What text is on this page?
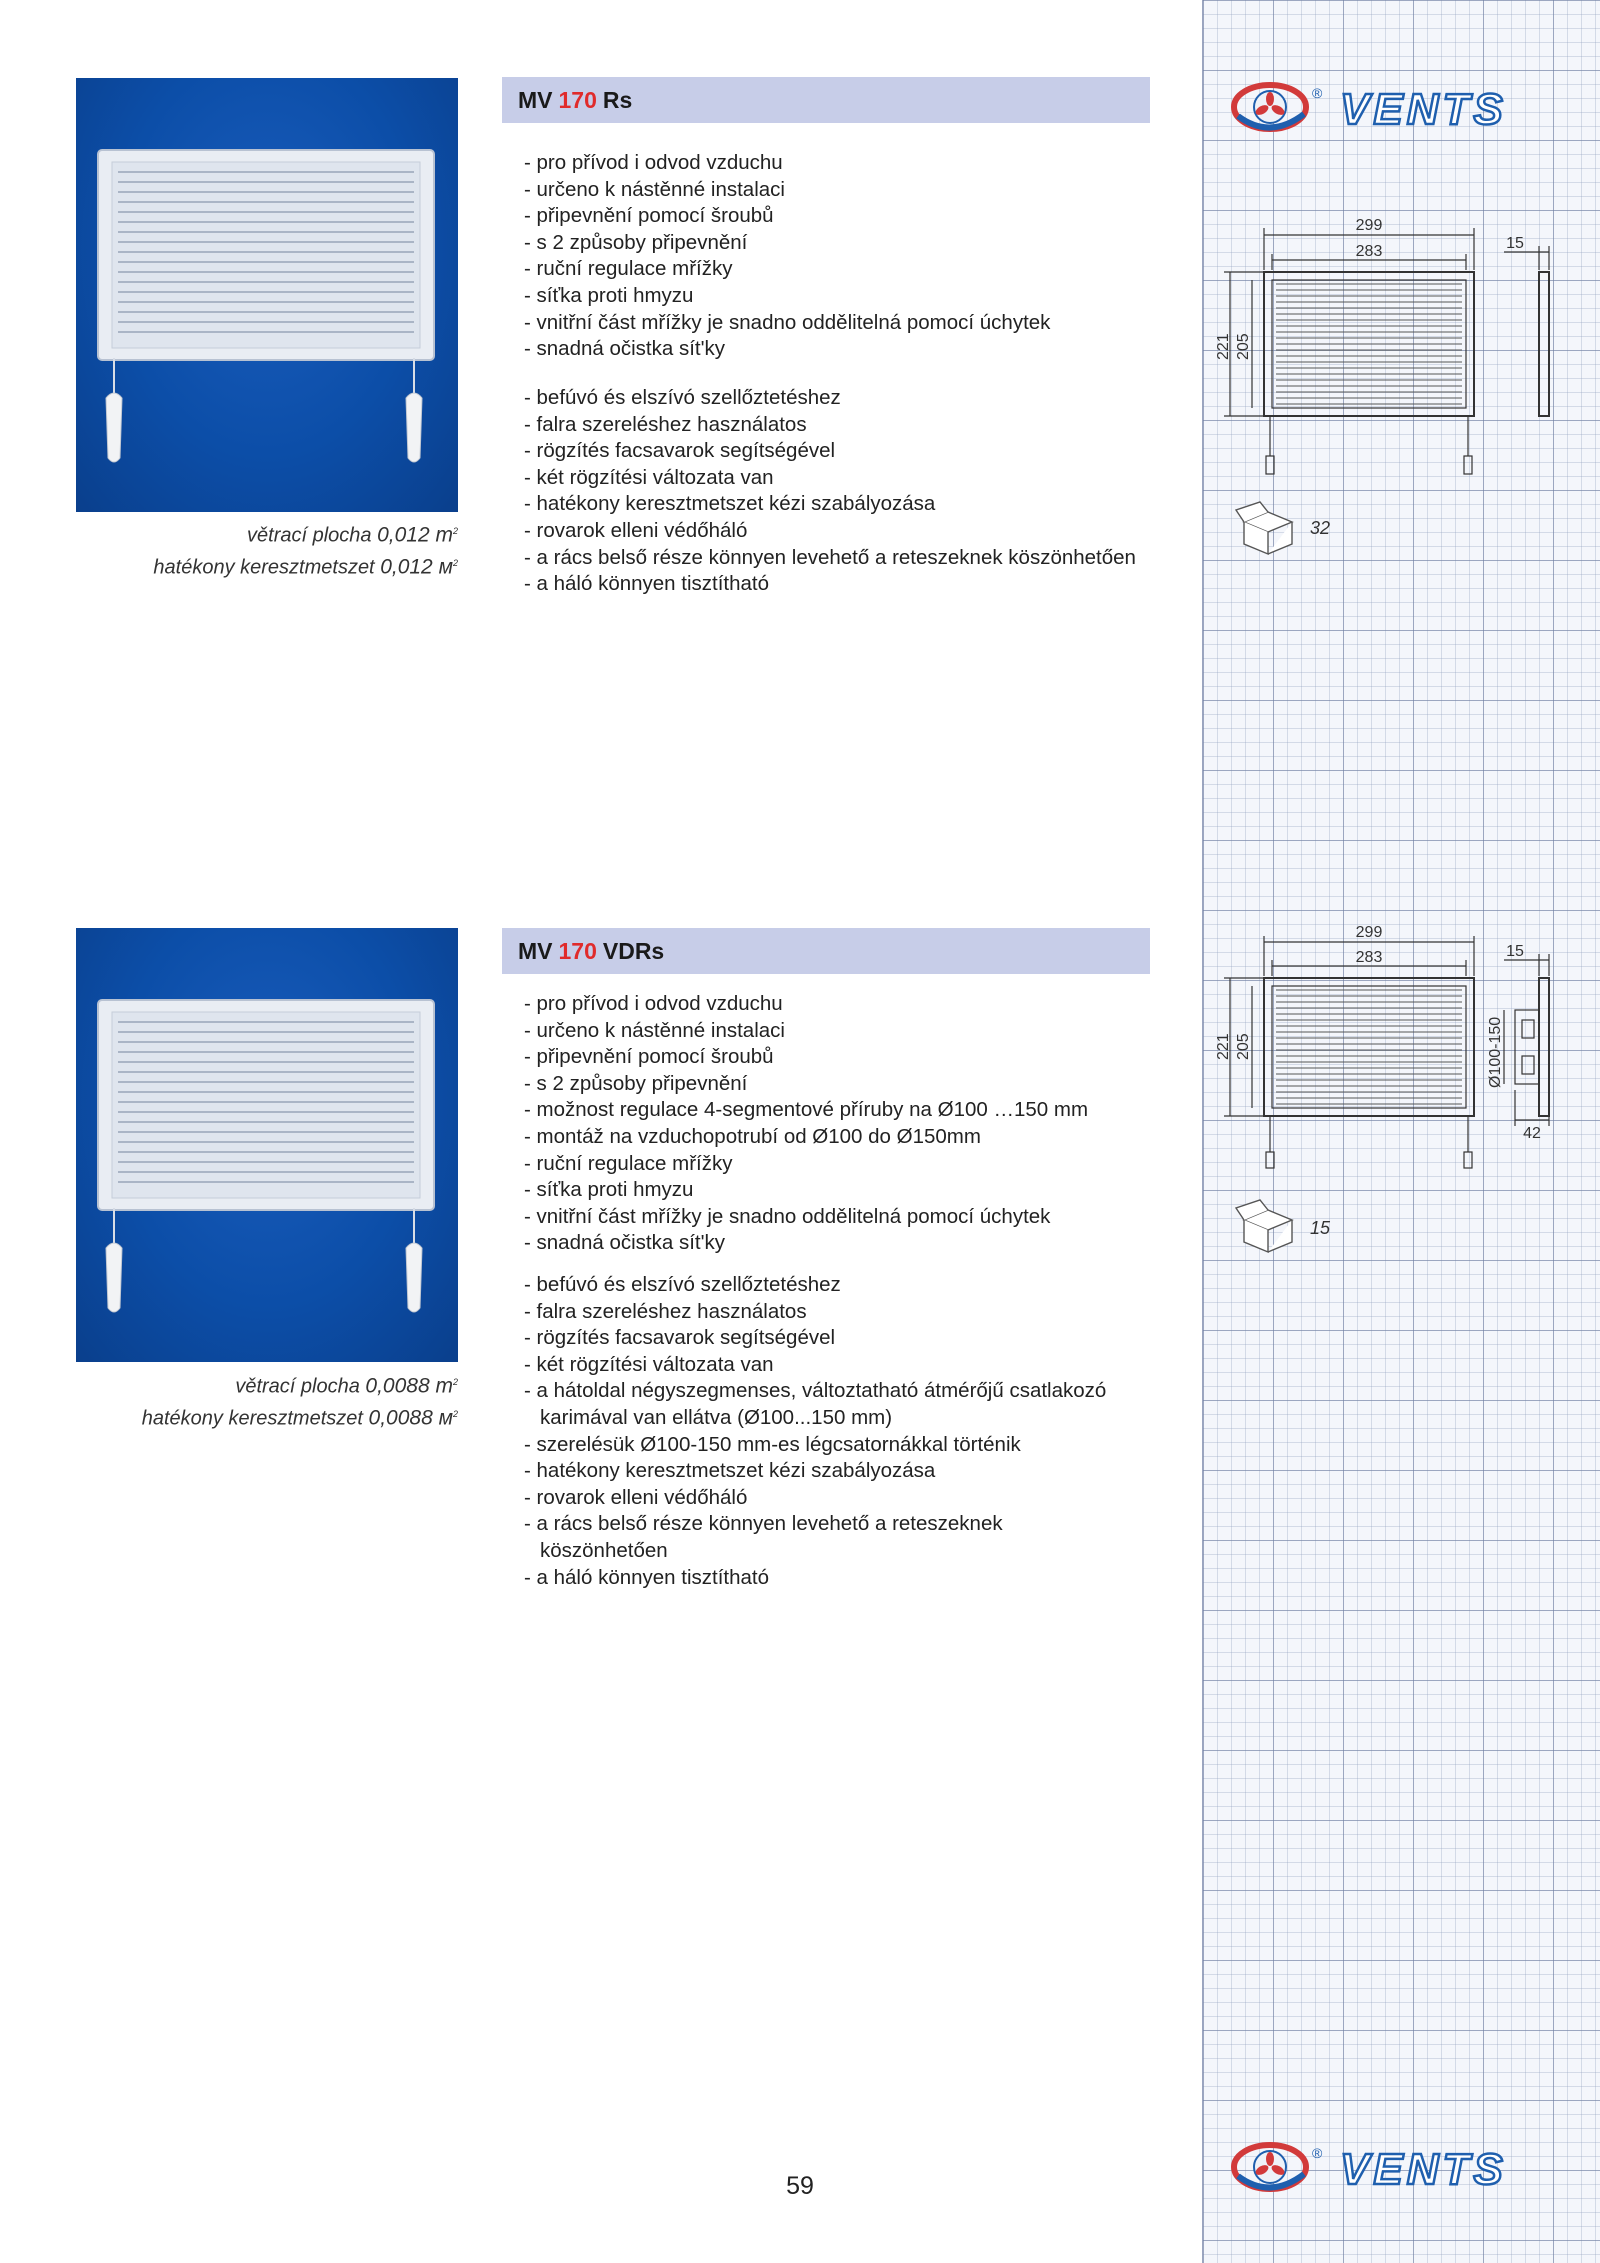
® VENTS
® VENTS
větrací plocha 0,012 $m^2$
hatékony keresztmetszet 0,012 $м^2$
MV 170 Rs
- pro přívod i odvod vzduchu
- určeno k nástěnné instalaci
- připevnění pomocí šroubů
- s 2 způsoby připevnění
- ruční regulace mřížky
- síťka proti hmyzu
- vnitřní část mřížky je snadno oddělitelná pomocí úchytek
- snadná očistka sít'ky
- befúvó és elszívó szellőztetéshez
- falra szereléshez használatos
- rögzítés facsavarok segítségével
- két rögzítési változata van
- hatékony keresztmetszet kézi szabályozása
- rovarok elleni védőháló
- a rács belső része könnyen levehető a reteszeknek köszönhetően
- a háló könnyen tisztítható
299
283	15
221 205
32
větrací plocha 0,0088 $m^2$
hatékony keresztmetszet 0,0088 $м^2$
MV 170 VDRs
- pro přívod i odvod vzduchu
- určeno k nástěnné instalaci
- připevnění pomocí šroubů
- s 2 způsoby připevnění
- možnost regulace 4-segmentové příruby na Ø100 …150 mm
- montáž na vzduchopotrubí od Ø100 do Ø150mm
- ruční regulace mřížky
- síťka proti hmyzu
- vnitřní část mřížky je snadno oddělitelná pomocí úchytek
- snadná očistka sít'ky
- befúvó és elszívó szellőztetéshez
- falra szereléshez használatos
- rögzítés facsavarok segítségével
- két rögzítési változata van
- a hátoldal négyszegmenses, változtatható átmérőjű csatlakozó karimával van ellátva (Ø100...150 mm)
- szerelésük Ø100-150 mm-es légcsatornákkal történik
- hatékony keresztmetszet kézi szabályozása
- rovarok elleni védőháló
- a rács belső része könnyen levehető a reteszeknek köszönhetően
- a háló könnyen tisztítható
299
283	15
221 205	Ø100-150
42
15
59
